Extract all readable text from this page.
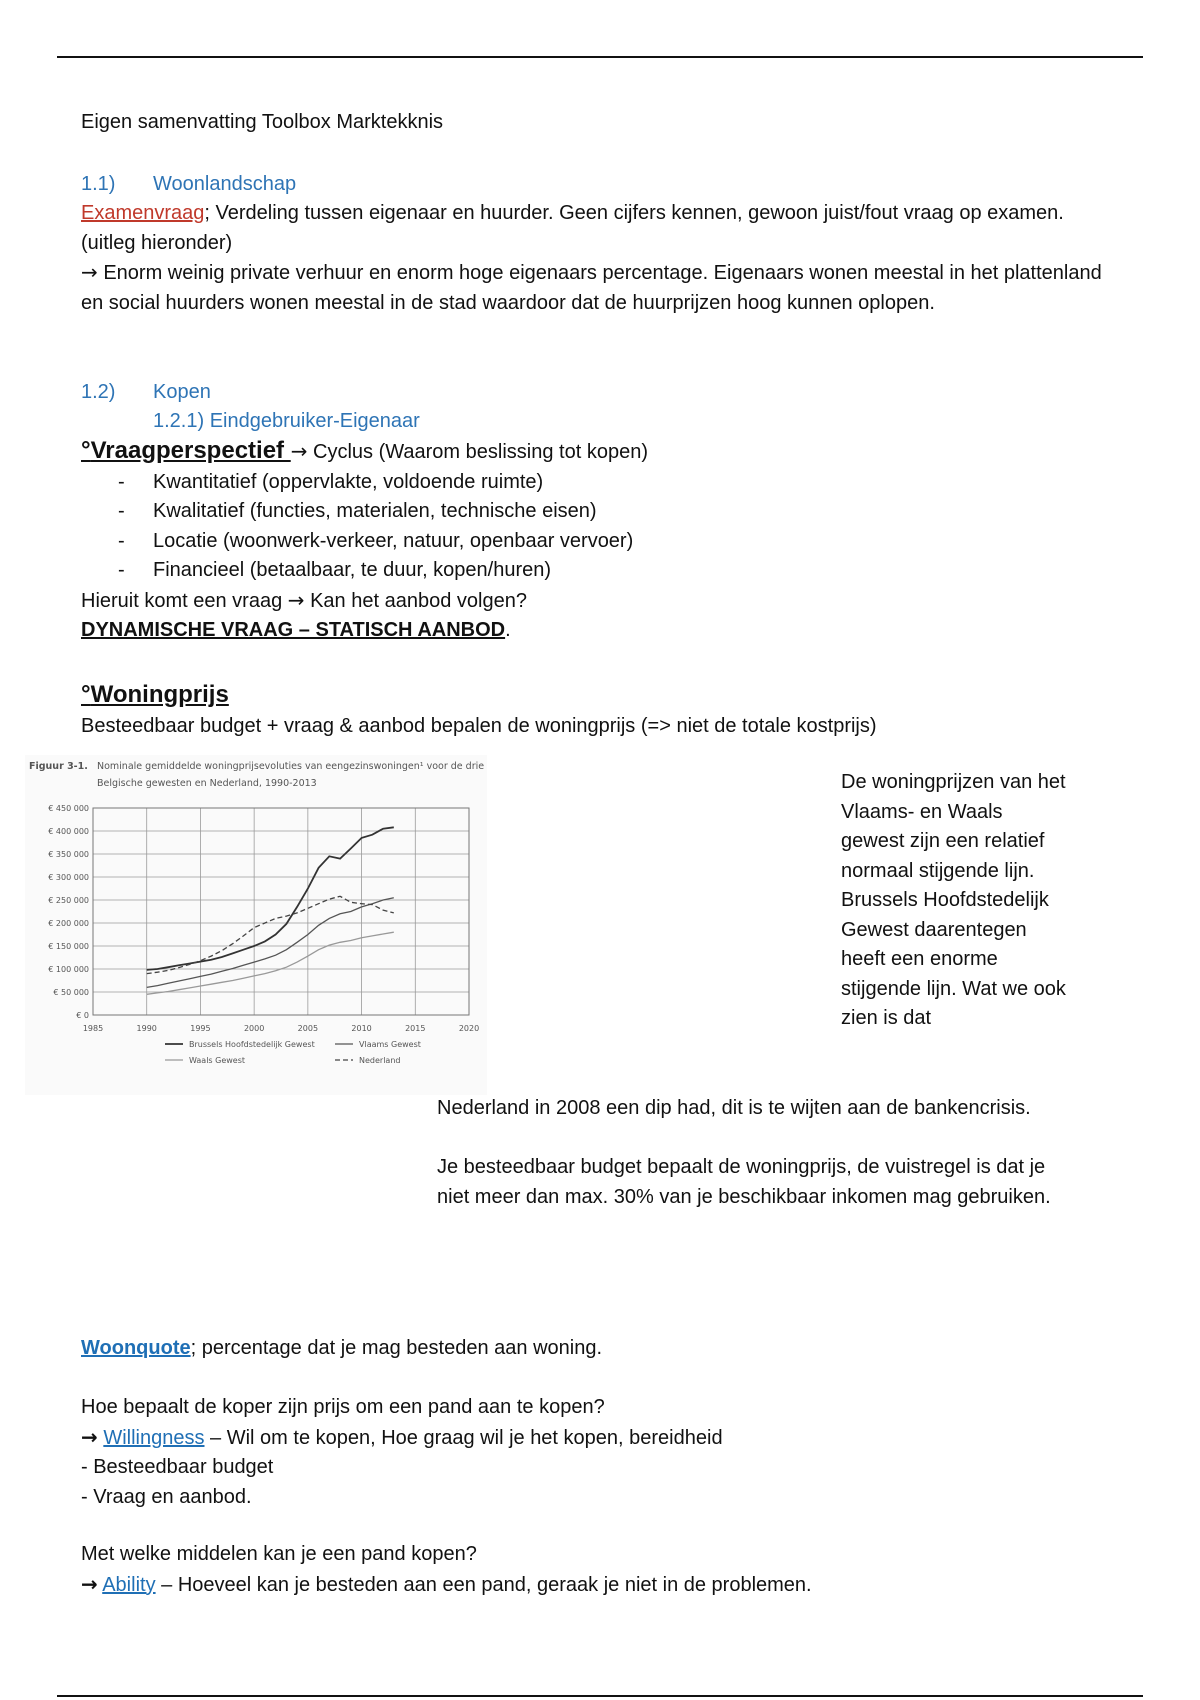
Eigen samenvatting Toolbox Marktekknis
1.1) Woonlandschap
Examenvraag; Verdeling tussen eigenaar en huurder. Geen cijfers kennen, gewoon juist/fout vraag op examen. (uitleg hieronder)
→ Enorm weinig private verhuur en enorm hoge eigenaars percentage. Eigenaars wonen meestal in het plattenland en social huurders wonen meestal in de stad waardoor dat de huurprijzen hoog kunnen oplopen.
1.2) Kopen
1.2.1) Eindgebruiker-Eigenaar
°Vraagperspectief → Cyclus (Waarom beslissing tot kopen)
- Kwantitatief (oppervlakte, voldoende ruimte)
- Kwalitatief (functies, materialen, technische eisen)
- Locatie (woonwerk-verkeer, natuur, openbaar vervoer)
- Financieel (betaalbaar, te duur, kopen/huren)
Hieruit komt een vraag → Kan het aanbod volgen?
DYNAMISCHE VRAAG – STATISCH AANBOD.
°Woningprijs
Besteedbaar budget + vraag & aanbod bepalen de woningprijs (=> niet de totale kostprijs)
Woonquote; percentage dat je mag besteden aan woning.
Hoe bepaalt de koper zijn prijs om een pand aan te kopen?
→ Willingness – Wil om te kopen, Hoe graag wil je het kopen, bereidheid
- Besteedbaar budget
- Vraag en aanbod.
Met welke middelen kan je een pand kopen?
→ Ability – Hoeveel kan je besteden aan een pand, geraak je niet in de problemen.
Figuur 3-1. Nominale gemiddelde woningprijsevoluties van eengezinswoningen¹ voor de drie
Belgische gewesten en Nederland, 1990-2013
€ 450 000
€ 400 000
€ 350 000
€ 300 000
€ 250 000
€ 200 000
€ 150 000
€ 100 000
€ 50 000
€ 0
1985	1990	1995	2000	2005	2010	2015	2020
Brussels Hoofdstedelijk Gewest	Vlaams Gewest
Waals Gewest	Nederland
De woningprijzen van het Vlaams- en Waals gewest zijn een relatief normaal stijgende lijn. Brussels Hoofdstedelijk Gewest daarentegen heeft een enorme stijgende lijn. Wat we ook zien is dat
Nederland in 2008 een dip had, dit is te wijten aan de bankencrisis.
Je besteedbaar budget bepaalt de woningprijs, de vuistregel is dat je niet meer dan max. 30% van je beschikbaar inkomen mag gebruiken.
